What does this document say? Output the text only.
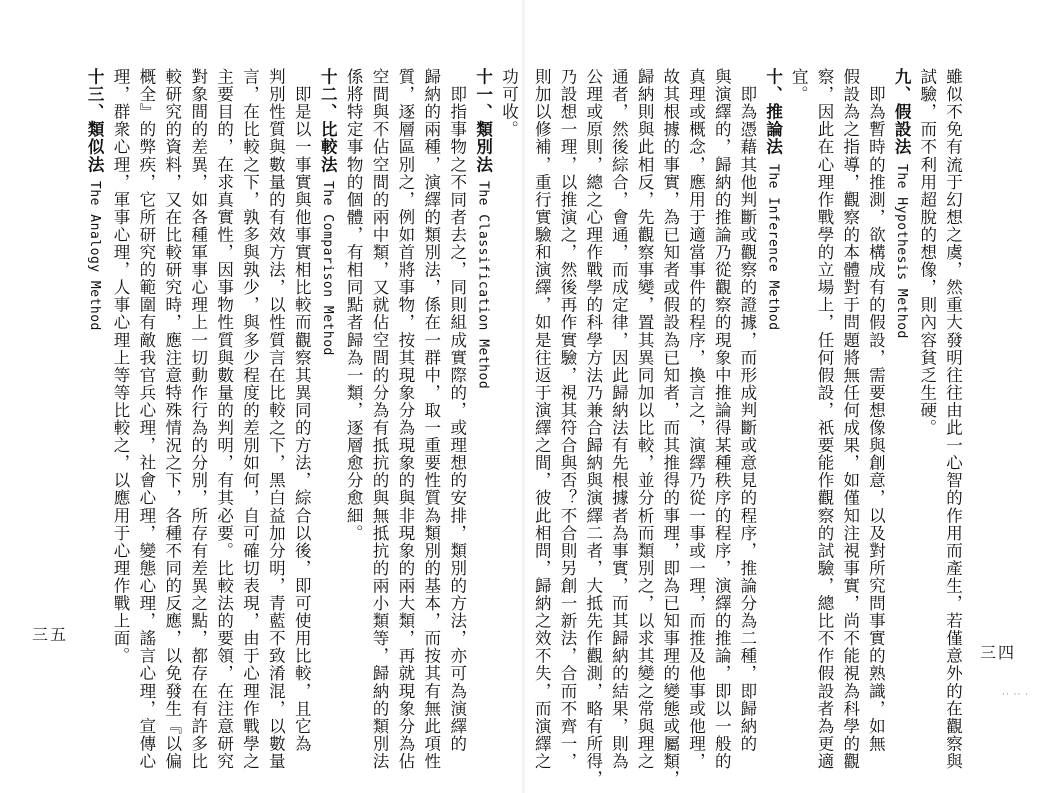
功可收。
十一、類別法The Classification Method
　即指事物之不同者去之，同則組成實際的，或理想的安排，類別的方法，亦可為演繹的
歸納的兩種，演繹的類別法，係在一群中，取一重要性質為類別的基本，而按其有無此項性
質，逐層區別之，例如首將事物，按其現象分為現象的與非現象的兩大類，再就現象分為佔
空間與不佔空間的兩中類，又就佔空間的分為有抵抗的與無抵抗的兩小類等，歸納的類別法
係將特定事物的個體，有相同點者歸為一類，逐層愈分愈細。
十二、比較法The Comparison Method
　即是以一事實與他事實相比較而觀察其異同的方法，綜合以後，即可使用比較，且它為
判別性質與數量的有效方法，以性質言在比較之下，黑白益加分明，青藍不致淆混，以數量
言，在比較之下，孰多與孰少，與多少程度的差別如何，自可確切表現，由于心理作戰學之
主要目的，在求真實性，因事物性質與數量的判明，有其必要。比較法的要領，在注意研究
對象間的差異，如各種軍事心理上一切動作行為的分別，所存有差異之點，都存在有許多比
較研究的資料，又在比較研究時，應注意特殊情況之下，各種不同的反應，以免發生『以偏
概全』的弊疾，它所研究的範圍有敵我官兵心理，社會心理，變態心理，謠言心理，宣傳心
理，群衆心理，軍事心理，人事心理上等等比較之，以應用于心理作戰上面。
十三、類似法The Analogy Method
三五	雖似不免有流于幻想之虞，然重大發明往往由此一心智的作用而產生，若僅意外的在觀察與
試驗，而不利用超脫的想像，則內容貧乏生硬。
九、假設法The Hypothesis Method
　即為暫時的推測，欲構成有的假設，需要想像與創意，以及對所究問事實的熟識，如無
假設為之指導，觀察的本體對于問題將無任何成果，如僅知注視事實，尚不能視為科學的觀
察，因此在心理作戰學的立場上，任何假設，祇要能作觀察的試驗，總比不作假設者為更適
宜。
十、推論法The Inference Method
　即為憑藉其他判斷或觀察的證據，而形成判斷或意見的程序，推論分為二種，即歸納的
與演繹的，歸納的推論乃從觀察的現象中推論得某種秩序的程序，演繹的推論，即以一般的
真理或概念，應用于適當事件的程序，換言之，演繹乃從一事或一理，而推及他事或他理，
故其根據的事實，為已知者或假設為已知者，而其推得的事理，即為已知事理的變態或屬類，
歸納則與此相反，先觀察事變，置其異同加以比較，並分析而類別之，以求其變之常與理之
通者，然後綜合，會通，而成定律，因此歸納法有先根據者為事實，而其歸納的結果，則為
公理或原則，總之心理作戰學的科學方法乃兼合歸納與演繹二者，大抵先作觀測，略有所得，
乃設想一理，以推演之，然後再作實驗，視其符合與否？不合則另創一新法，合而不齊一，
則加以修補，重行實驗和演繹，如是往返于演繹之間，彼此相問，歸納之效不失，而演繹之	三四
·· ·· ·
